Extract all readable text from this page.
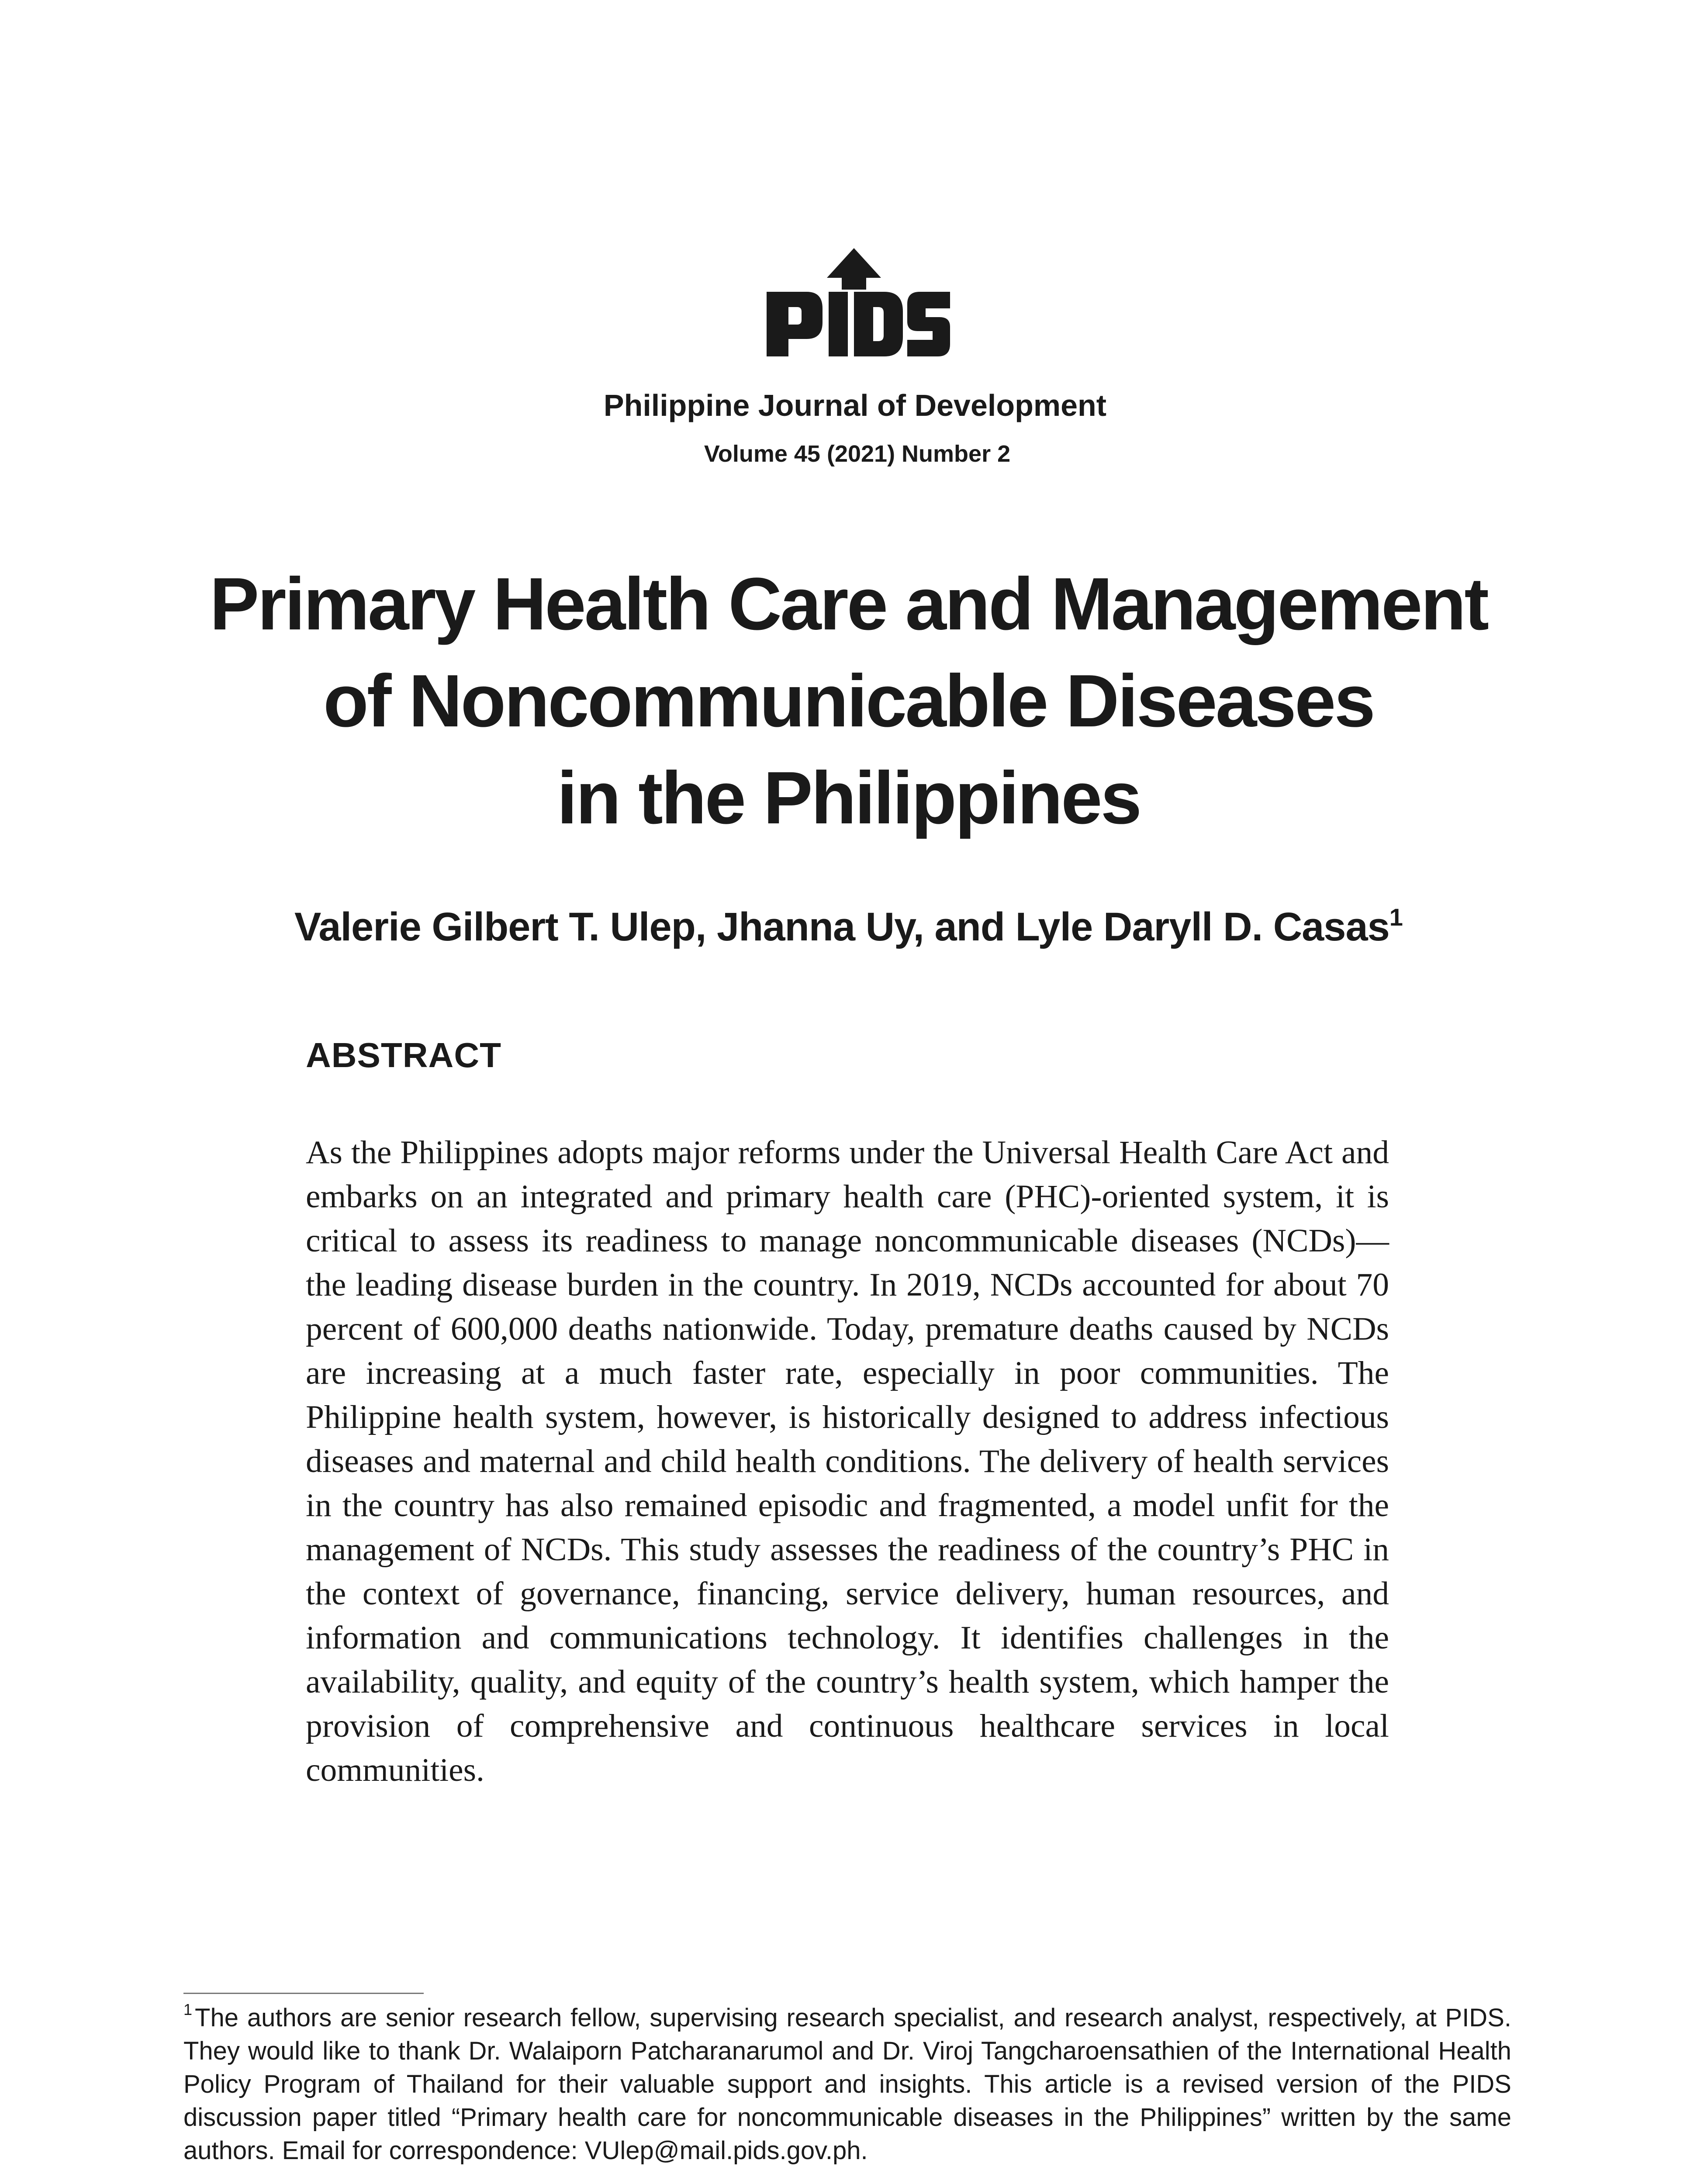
Philippine Journal of Development
Volume 45 (2021) Number 2
Primary Health Care and Management
of Noncommunicable Diseases
in the Philippines
Valerie Gilbert T. Ulep, Jhanna Uy, and Lyle Daryll D. Casas$^1$
ABSTRACT
As the Philippines adopts major reforms under the Universal Health Care Act and embarks on an integrated and primary health care (PHC)-oriented system, it is critical to assess its readiness to manage noncommunicable diseases (NCDs)—the leading disease burden in the country. In 2019, NCDs accounted for about 70 percent of 600,000 deaths nationwide. Today, premature deaths caused by NCDs are increasing at a much faster rate, especially in poor communities. The Philippine health system, however, is historically designed to address infectious diseases and maternal and child health conditions. The delivery of health services in the country has also remained episodic and fragmented, a model unfit for the management of NCDs. This study assesses the readiness of the country’s PHC in the context of governance, financing, service delivery, human resources, and information and communications technology. It identifies challenges in the availability, quality, and equity of the country’s health system, which hamper the provision of comprehensive and continuous healthcare services in local communities.
$^1$ The authors are senior research fellow, supervising research specialist, and research analyst, respectively, at PIDS. They would like to thank Dr. Walaiporn Patcharanarumol and Dr. Viroj Tangcharoensathien of the International Health Policy Program of Thailand for their valuable support and insights. This article is a revised version of the PIDS discussion paper titled “Primary health care for noncommunicable diseases in the Philippines” written by the same authors. Email for correspondence: VUlep@mail.pids.gov.ph.
